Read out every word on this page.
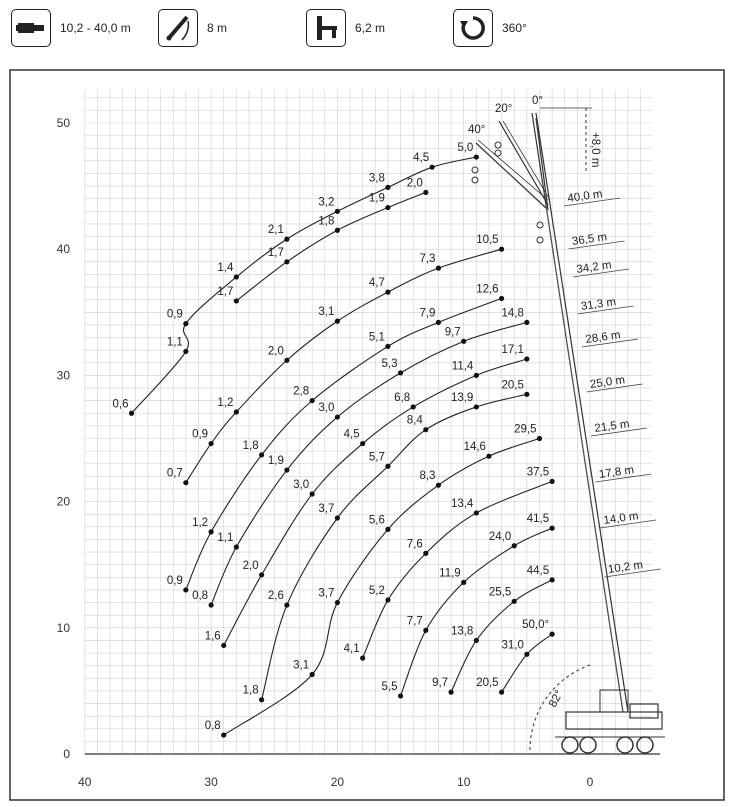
10,2 - 40,0 m	8 m	6,2 m	360°
40	30	20	10	0
0
10
20
30
40
50
+8,0 m
0°
20°
40°
82°
40,0 m
36,5 m
34,2 m
31,3 m
28,6 m
25,0 m
21,5 m
17,8 m
14,0 m
10,2 m
2,0
1,9
1,8
1,7
1,7
5,0
4,5
3,8
3,2
2,1
1,4
0,9
1,1
0,6
10,5
7,3
4,7
3,1
2,0
1,2
0,9
0,7
12,6
7,9
5,1
2,8
1,8
1,2
0,9
14,8
9,7
5,3
3,0
1,9
1,1
0,8
17,1
11,4
6,8
4,5
3,0
2,0
1,6
20,5
13,9
8,4
5,7
3,7
2,6
1,8
29,5
14,6
8,3
5,6
3,7
3,1
0,8
37,5
13,4
7,6
5,2
4,1
41,5
24,0
11,9
7,7
5,5
44,5
25,5
13,8
9,7
50,0°
31,0
20,5
